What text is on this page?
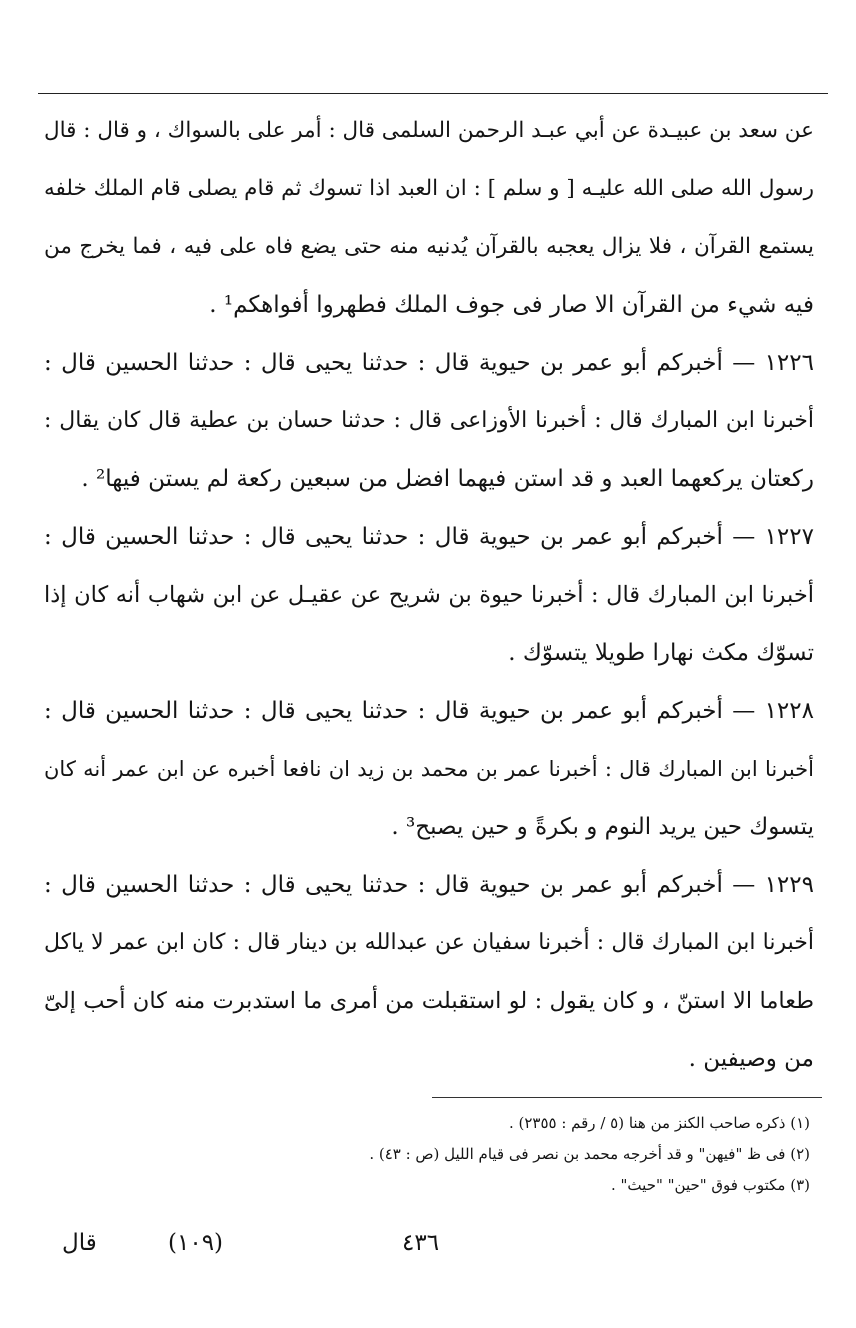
عن سعد بن عبيـدة عن أبي عبـد الرحمن السلمى قال : أمر على بالسواك ، و قال : قال
رسول الله صلى الله عليـه [ و سلم ] : ان العبد اذا تسوك ثم قام يصلى قام الملك خلفه
يستمع القرآن ، فلا يزال يعجبه بالقرآن يُدنيه منه حتى يضع فاه على فيه ، فما يخرج من
فيه شيء من القرآن الا صار فى جوف الملك فطهروا أفواهكم¹ .
١٢٢٦ — أخبركم أبو عمر بن حيوية قال : حدثنا يحيى قال : حدثنا الحسين قال :
أخبرنا ابن المبارك قال : أخبرنا الأوزاعى قال : حدثنا حسان بن عطية قال كان يقال :
ركعتان يركعهما العبد و قد استن فيهما افضل من سبعين ركعة لم يستن فيها² .
١٢٢٧ — أخبركم أبو عمر بن حيوية قال : حدثنا يحيى قال : حدثنا الحسين قال :
أخبرنا ابن المبارك قال : أخبرنا حيوة بن شريح عن عقيـل عن ابن شهاب أنه كان إذا
تسوّك مكث نهارا طويلا يتسوّك .
١٢٢٨ — أخبركم أبو عمر بن حيوية قال : حدثنا يحيى قال : حدثنا الحسين قال :
أخبرنا ابن المبارك قال : أخبرنا عمر بن محمد بن زيد ان نافعا أخبره عن ابن عمر أنه كان
يتسوك حين يريد النوم و بكرةً و حين يصبح³ .
١٢٢٩ — أخبركم أبو عمر بن حيوية قال : حدثنا يحيى قال : حدثنا الحسين قال :
أخبرنا ابن المبارك قال : أخبرنا سفيان عن عبدالله بن دينار قال : كان ابن عمر لا ياكل
طعاما الا استنّ ، و كان يقول : لو استقبلت من أمرى ما استدبرت منه كان أحب إلىّ
من وصيفين .
(١) ذكره صاحب الكنز من هنا (٥ / رقم : ٢٣٥٥) .
(٢) فى ظ "فيهن" و قد أخرجه محمد بن نصر فى قيام الليل (ص : ٤٣) .
(٣) مكتوب فوق "حين" "حيث" .
قال	(١٠٩)	٤٣٦
